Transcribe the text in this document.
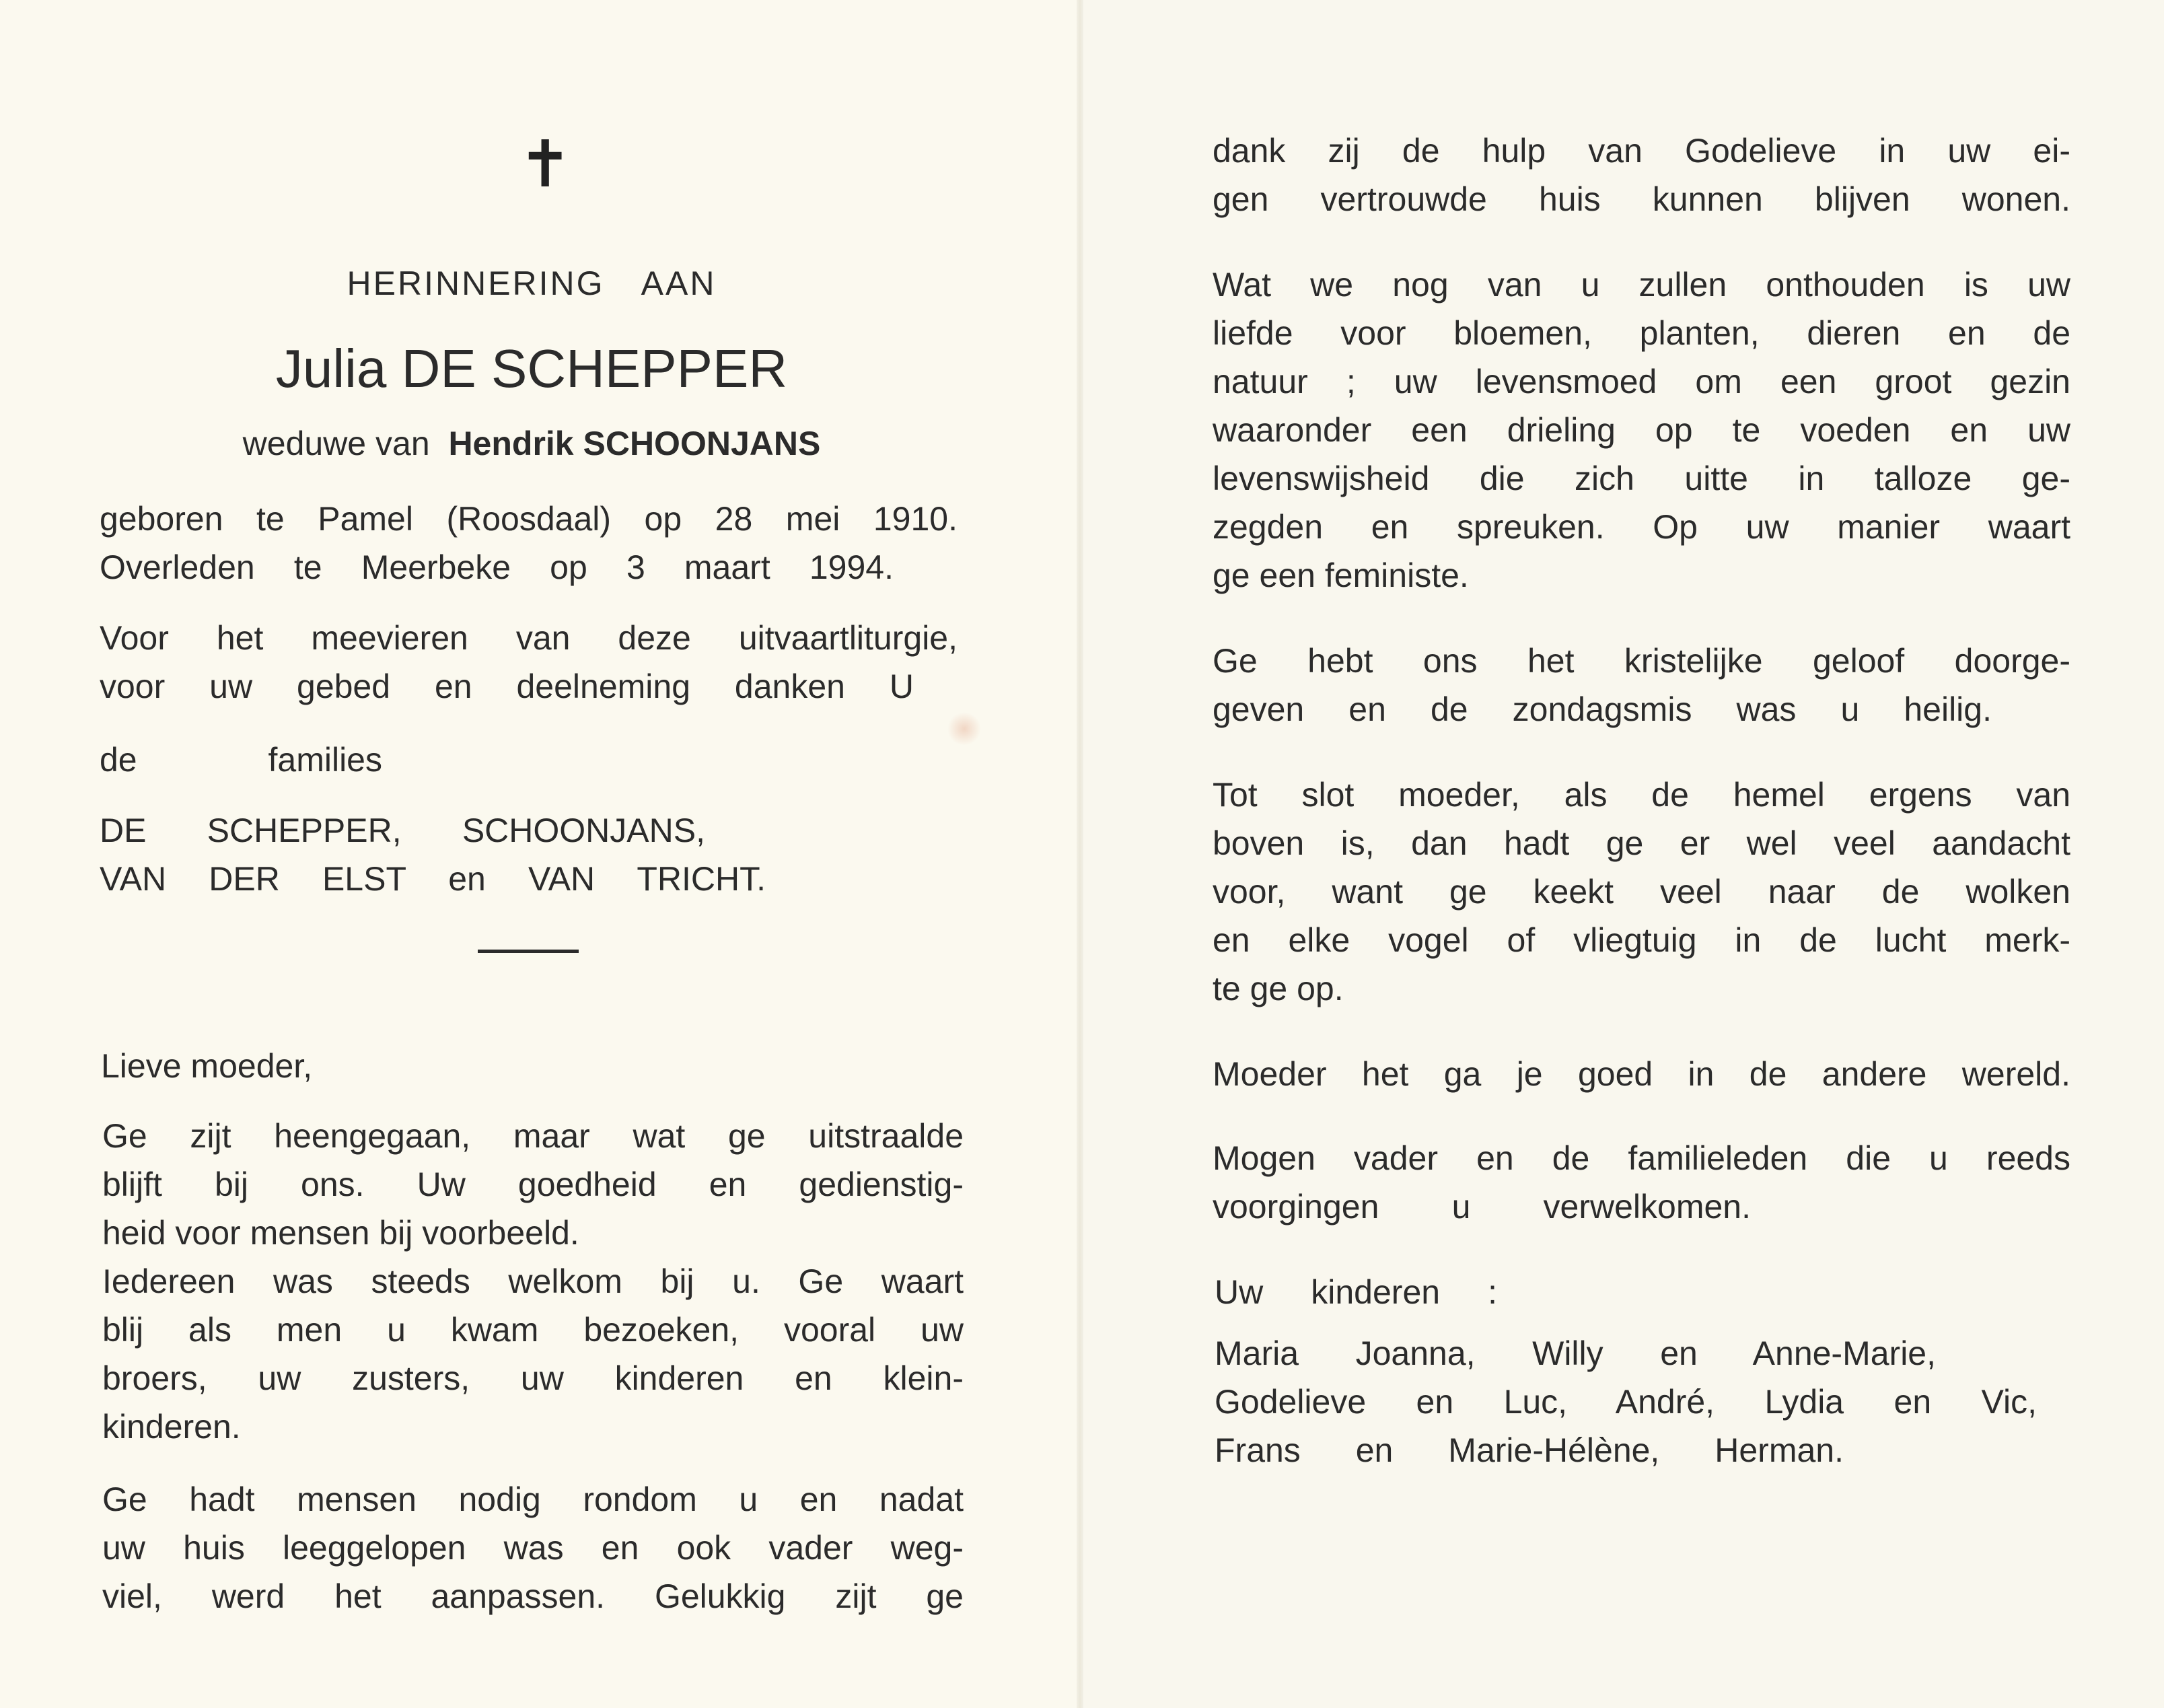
✝
HERINNERING AAN
Julia DE SCHEPPER
weduwe van Hendrik SCHOONJANS
geboren te Pamel (Roosdaal) op 28 mei 1910.
Overleden te Meerbeke op 3 maart 1994.
Voor het meevieren van deze uitvaartliturgie,
voor uw gebed en deelneming danken U
de families
DE SCHEPPER, SCHOONJANS,
VAN DER ELST en VAN TRICHT.
Lieve moeder,
Ge zijt heengegaan, maar wat ge uitstraalde
blijft bij ons. Uw goedheid en gedienstig-
heid voor mensen bij voorbeeld.
Iedereen was steeds welkom bij u. Ge waart
blij als men u kwam bezoeken, vooral uw
broers, uw zusters, uw kinderen en klein-
kinderen.
Ge hadt mensen nodig rondom u en nadat
uw huis leeggelopen was en ook vader weg-
viel, werd het aanpassen. Gelukkig zijt ge
dank zij de hulp van Godelieve in uw ei-
gen vertrouwde huis kunnen blijven wonen.
Wat we nog van u zullen onthouden is uw
liefde voor bloemen, planten, dieren en de
natuur ; uw levensmoed om een groot gezin
waaronder een drieling op te voeden en uw
levenswijsheid die zich uitte in talloze ge-
zegden en spreuken. Op uw manier waart
ge een feministe.
Ge hebt ons het kristelijke geloof doorge-
geven en de zondagsmis was u heilig.
Tot slot moeder, als de hemel ergens van
boven is, dan hadt ge er wel veel aandacht
voor, want ge keekt veel naar de wolken
en elke vogel of vliegtuig in de lucht merk-
te ge op.
Moeder het ga je goed in de andere wereld.
Mogen vader en de familieleden die u reeds
voorgingen u verwelkomen.
Uw kinderen :
Maria Joanna, Willy en Anne-Marie,
Godelieve en Luc, André, Lydia en Vic,
Frans en Marie-Hélène, Herman.
